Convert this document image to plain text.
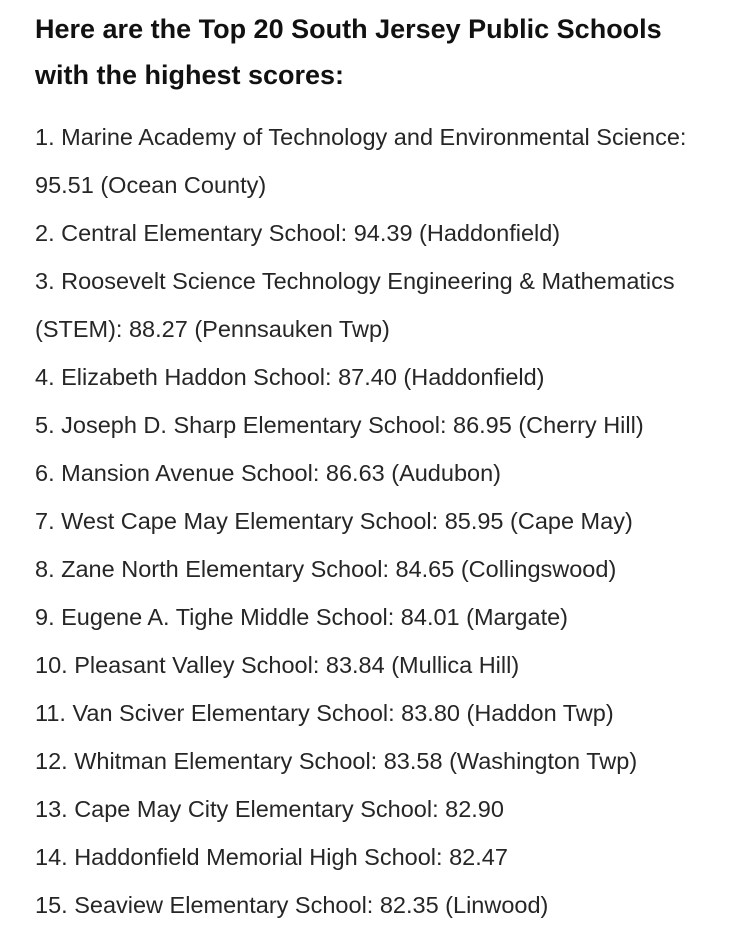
Here are the Top 20 South Jersey Public Schools with the highest scores:
1. Marine Academy of Technology and Environmental Science: 95.51 (Ocean County)
2. Central Elementary School: 94.39 (Haddonfield)
3. Roosevelt Science Technology Engineering & Mathematics (STEM): 88.27 (Pennsauken Twp)
4. Elizabeth Haddon School: 87.40 (Haddonfield)
5. Joseph D. Sharp Elementary School: 86.95 (Cherry Hill)
6. Mansion Avenue School: 86.63 (Audubon)
7. West Cape May Elementary School: 85.95 (Cape May)
8. Zane North Elementary School: 84.65 (Collingswood)
9. Eugene A. Tighe Middle School: 84.01 (Margate)
10. Pleasant Valley School: 83.84 (Mullica Hill)
11. Van Sciver Elementary School: 83.80 (Haddon Twp)
12. Whitman Elementary School: 83.58 (Washington Twp)
13. Cape May City Elementary School: 82.90
14. Haddonfield Memorial High School: 82.47
15. Seaview Elementary School: 82.35 (Linwood)
